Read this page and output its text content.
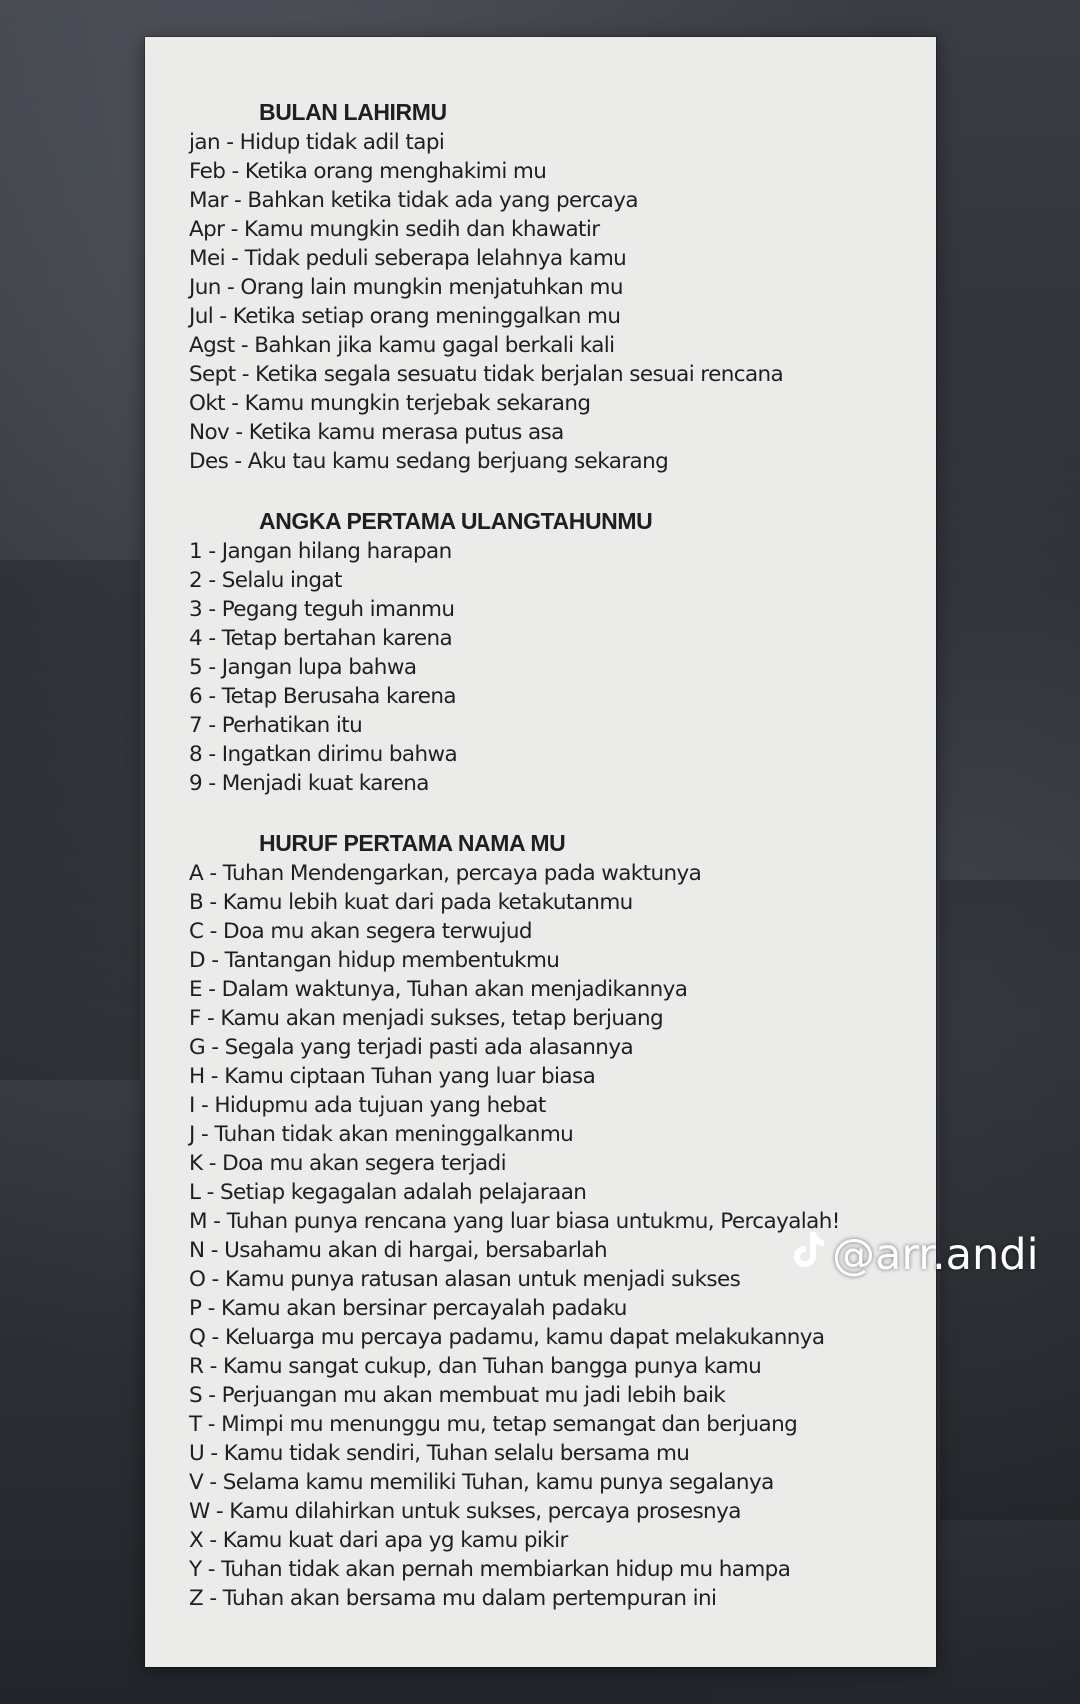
BULAN LAHIRMU
jan - Hidup tidak adil tapi
Feb - Ketika orang menghakimi mu
Mar - Bahkan ketika tidak ada yang percaya
Apr - Kamu mungkin sedih dan khawatir
Mei - Tidak peduli seberapa lelahnya kamu
Jun - Orang lain mungkin menjatuhkan mu
Jul - Ketika setiap orang meninggalkan mu
Agst - Bahkan jika kamu gagal berkali kali
Sept - Ketika segala sesuatu tidak berjalan sesuai rencana
Okt - Kamu mungkin terjebak sekarang
Nov - Ketika kamu merasa putus asa
Des - Aku tau kamu sedang berjuang sekarang
ANGKA PERTAMA ULANGTAHUNMU
1 - Jangan hilang harapan
2 - Selalu ingat
3 - Pegang teguh imanmu
4 - Tetap bertahan karena
5 - Jangan lupa bahwa
6 - Tetap Berusaha karena
7 - Perhatikan itu
8 - Ingatkan dirimu bahwa
9 - Menjadi kuat karena
HURUF PERTAMA NAMA MU
A - Tuhan Mendengarkan, percaya pada waktunya
B - Kamu lebih kuat dari pada ketakutanmu
C - Doa mu akan segera terwujud
D - Tantangan hidup membentukmu
E - Dalam waktunya, Tuhan akan menjadikannya
F - Kamu akan menjadi sukses, tetap berjuang
G - Segala yang terjadi pasti ada alasannya
H - Kamu ciptaan Tuhan yang luar biasa
I - Hidupmu ada tujuan yang hebat
J - Tuhan tidak akan meninggalkanmu
K - Doa mu akan segera terjadi
L - Setiap kegagalan adalah pelajaraan
M - Tuhan punya rencana yang luar biasa untukmu, Percayalah!
N - Usahamu akan di hargai, bersabarlah
O - Kamu punya ratusan alasan untuk menjadi sukses
P - Kamu akan bersinar percayalah padaku
Q - Keluarga mu percaya padamu, kamu dapat melakukannya
R - Kamu sangat cukup, dan Tuhan bangga punya kamu
S - Perjuangan mu akan membuat mu jadi lebih baik
T - Mimpi mu menunggu mu, tetap semangat dan berjuang
U - Kamu tidak sendiri, Tuhan selalu bersama mu
V - Selama kamu memiliki Tuhan, kamu punya segalanya
W - Kamu dilahirkan untuk sukses, percaya prosesnya
X - Kamu kuat dari apa yg kamu pikir
Y - Tuhan tidak akan pernah membiarkan hidup mu hampa
Z - Tuhan akan bersama mu dalam pertempuran ini
@arr.andi
